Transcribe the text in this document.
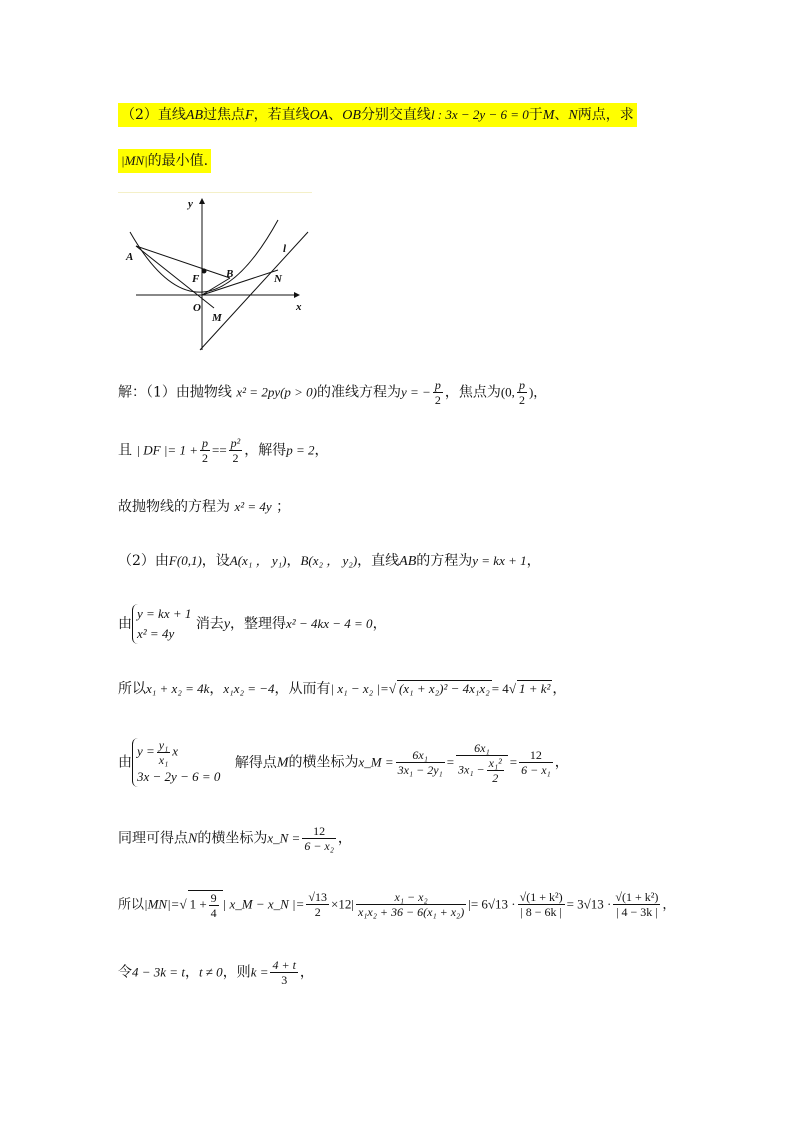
（2）直线AB过焦点F，若直线OA、OB分别交直线l : 3x − 2y − 6 = 0于M、N两点，求
|MN|的最小值.
y
x
A
F B	N
O
M
l
解：（1）由抛物线 x² = 2py(p > 0)的准线方程为y = − $\frac{p}{2}$ ，焦点为(0, $\frac{p}{2}$ )，
且 | DF |= $1 + \frac{p}{2} == \frac{\text{p²}}{2}$ ，解得p = 2，
故抛物线的方程为 x² = 4y ；
（2）由F(0,1)，设A(x₁ ， y₁)，B(x₂ ， y₂)，直线AB的方程为y = kx + 1，
由y = kx + 1
x² = 4y 消去y，整理得x² − 4kx − 4 = 0，
所以x₁ + x₂ = 4k，x₁x₂ = −4，从而有| x₁ − x₂ |=√ (x₁ + x₂)² − 4x₁x₂ = 4√ 1 + k² ，
由$y = \frac{\text{y₁}}{\text{x₁}}$ x
3x − 2y − 6 = 0 解得点M的横坐标为x_M = $\frac{\text{6x₁}}{\text{3x₁ − 2y₁}} = \frac{\text{6x₁}}{3x_1 - \frac{\text{x₁²}}{2}} = \frac{12}{\text{6 − x₁}}$ ，
同理可得点N的横坐标为x_N = $\frac{12}{\text{6 − x₂}}$ ，
所以|MN|=√ $1 + \frac{9}{4}$ | x_M − x_N |= $\frac{√13}{2} \times 12| \frac{\text{x₁ − x₂}}{\text{x₁x₂ + 36 − 6(x₁ + x₂)}}$ |= $6√13 \cdot \frac{\text{√(1 + k²)}}{| 8 - 6k |} = 3√13 \cdot \frac{\text{√(1 + k²)}}{| 4 - 3k |}$ ，
令4 − 3k = t，t ≠ 0，则$k = \frac{4 + t}{3}$ ，
